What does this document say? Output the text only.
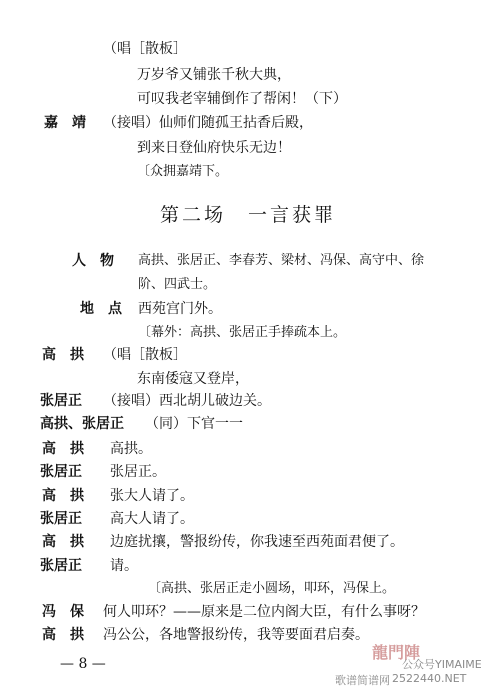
（唱［散板］
万岁爷又铺张千秋大典，
可叹我老宰辅倒作了帮闲！（下）
嘉　靖 （接唱）仙师们随孤王拈香后殿，
到来日登仙府快乐无边！
〔众拥嘉靖下。
第二场　一言获罪
人　物 高拱、张居正、李春芳、梁材、冯保、高守中、徐
阶、四武士。
地　点 西苑宫门外。
〔幕外：高拱、张居正手捧疏本上。
高　拱 （唱［散板］
东南倭寇又登岸，
张居正 （接唱）西北胡儿破边关。
高拱、张居正 （同）下官一一
高　拱 高拱。
张居正 张居正。
高　拱 张大人请了。
张居正 高大人请了。
高　拱 边庭扰攘，警报纷传，你我速至西苑面君便了。
张居正 请。
〔高拱、张居正走小圆场，叩环，冯保上。
冯　保 何人叩环？——原来是二位内阁大臣，有什么事呀？
高　拱 冯公公，各地警报纷传，我等要面君启奏。
— 8 —
龍門陣
公众号YIMAIME
歌谱简谱网 2522440.NET
